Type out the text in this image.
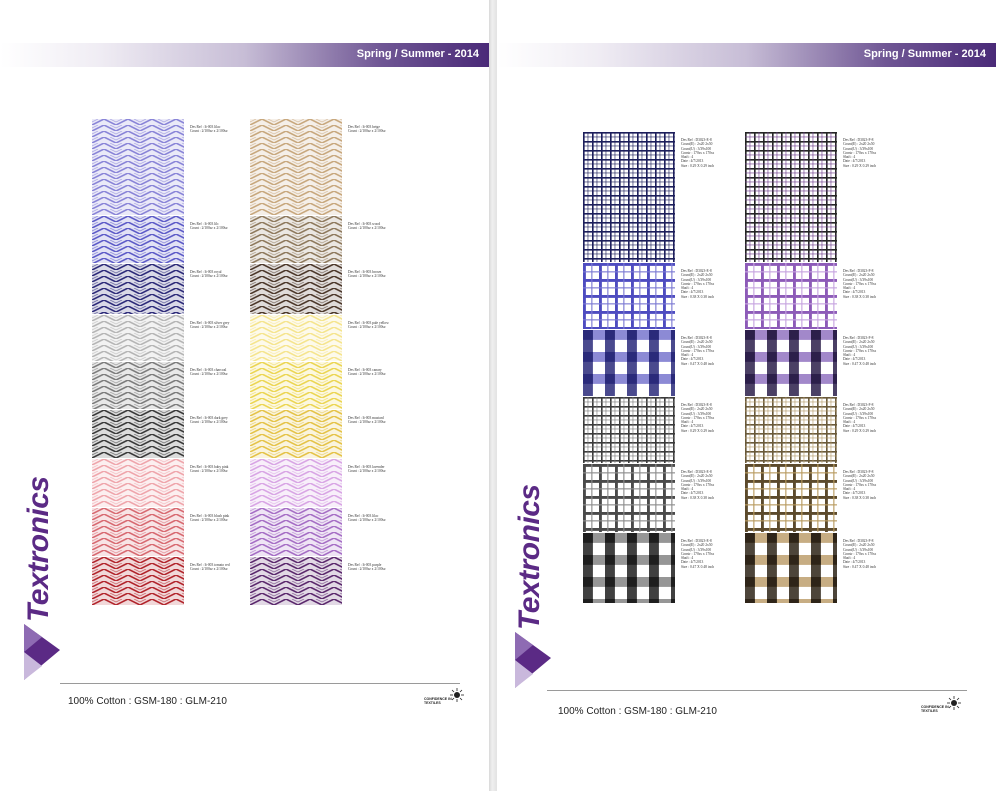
Spring / Summer - 2014
Des Ref : It-003 lilac
Count : 2/100sz x 2/100sz
Des Ref : It-003 lilc
Count : 2/100sz x 2/100sz
Des Ref : It-003 royal
Count : 2/100sz x 2/100sz
Des Ref : It-003 silver grey
Count : 2/100sz x 2/100sz
Des Ref : It-003 charcoal
Count : 2/100sz x 2/100sz
Des Ref : It-003 dark grey
Count : 2/100sz x 2/100sz
Des Ref : It-003 baby pink
Count : 2/100sz x 2/100sz
Des Ref : It-003 blush pink
Count : 2/100sz x 2/100sz
Des Ref : It-003 tomato red
Count : 2/100sz x 2/100sz
Des Ref : It-003 beige
Count : 2/100sz x 2/100sz
Des Ref : It-003 wood
Count : 2/100sz x 2/100sz
Des Ref : It-003 brown
Count : 2/100sz x 2/100sz
Des Ref : It-003 pale yellow
Count : 2/100sz x 2/100sz
Des Ref : It-003 canary
Count : 2/100sz x 2/100sz
Des Ref : It-003 mustard
Count : 2/100sz x 2/100sz
Des Ref : It-003 lavender
Count : 2/100sz x 2/100sz
Des Ref : It-003 lilac
Count : 2/100sz x 2/100sz
Des Ref : It-003 purple
Count : 2/100sz x 2/100sz
Textronics
100% Cotton : GSM-180 : GLM-210	CONFIDENCE IN TEXTILES
Spring / Summer - 2014
Des Ref : D3023-E-8
Count(E) : 2x20 2x50
Count(U) : 3/39x100
Constr : 170sx x 170sx
Shaft : 4
Date : 4/7/2013
Size : 0.29 X 0.29 inch
Des Ref : D3023-E-8
Count(E) : 2x20 2x50
Count(U) : 3/39x100
Constr : 170sx x 170sx
Shaft : 4
Date : 4/7/2013
Size : 0.38 X 0.38 inch
Des Ref : D3023-E-8
Count(E) : 2x20 2x50
Count(U) : 3/39x100
Constr : 170sx x 170sx
Shaft : 4
Date : 4/7/2013
Size : 0.47 X 0.48 inch
Des Ref : D3023-E-8
Count(E) : 2x20 2x50
Count(U) : 3/39x100
Constr : 170sx x 170sx
Shaft : 4
Date : 4/7/2013
Size : 0.29 X 0.29 inch
Des Ref : D3023-E-8
Count(E) : 2x20 2x50
Count(U) : 3/39x100
Constr : 170sx x 170sx
Shaft : 4
Date : 4/7/2013
Size : 0.38 X 0.38 inch
Des Ref : D3023-E-8
Count(E) : 2x20 2x50
Count(U) : 3/39x100
Constr : 170sx x 170sx
Shaft : 4
Date : 4/7/2013
Size : 0.47 X 0.48 inch
Des Ref : D3023-F-8
Count(E) : 2x20 2x50
Count(U) : 3/39x100
Constr : 170sx x 170sx
Shaft : 4
Date : 4/7/2013
Size : 0.29 X 0.29 inch
Des Ref : D3023-F-8
Count(E) : 2x20 2x50
Count(U) : 3/39x100
Constr : 170sx x 170sx
Shaft : 4
Date : 4/7/2013
Size : 0.38 X 0.38 inch
Des Ref : D3023-F-8
Count(E) : 2x20 2x50
Count(U) : 3/39x100
Constr : 170sx x 170sx
Shaft : 4
Date : 4/7/2013
Size : 0.47 X 0.48 inch
Des Ref : D3023-F-8
Count(E) : 2x20 2x50
Count(U) : 3/39x100
Constr : 170sx x 170sx
Shaft : 4
Date : 4/7/2013
Size : 0.29 X 0.29 inch
Des Ref : D3023-F-8
Count(E) : 2x20 2x50
Count(U) : 3/39x100
Constr : 170sx x 170sx
Shaft : 4
Date : 4/7/2013
Size : 0.38 X 0.38 inch
Des Ref : D3023-F-8
Count(E) : 2x20 2x50
Count(U) : 3/39x100
Constr : 170sx x 170sx
Shaft : 4
Date : 4/7/2013
Size : 0.47 X 0.48 inch
Textronics
100% Cotton : GSM-180 : GLM-210	CONFIDENCE IN TEXTILES
